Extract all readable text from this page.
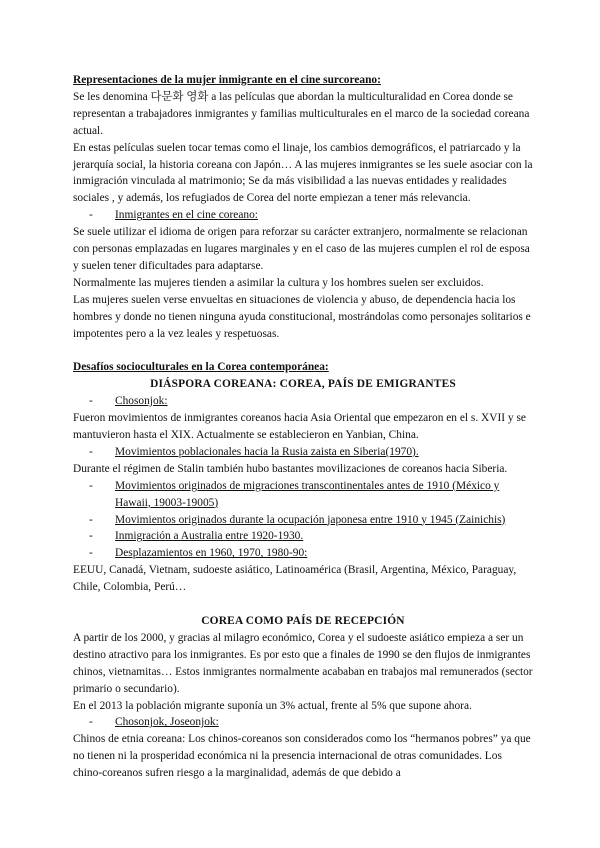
Representaciones de la mujer inmigrante en el cine surcoreano:

Se les denomina 다문화 영화 a las películas que abordan la multiculturalidad en Corea donde se representan a trabajadores inmigrantes y familias multiculturales en el marco de la sociedad coreana actual.

En estas películas suelen tocar temas como el linaje, los cambios demográficos, el patriarcado y la jerarquía social, la historia coreana con Japón… A las mujeres inmigrantes se les suele asociar con la inmigración vinculada al matrimonio; Se da más visibilidad a las nuevas entidades y realidades sociales , y además, los refugiados de Corea del norte empiezan a tener más relevancia.

-	Inmigrantes en el cine coreano:

Se suele utilizar el idioma de origen para reforzar su carácter extranjero, normalmente se relacionan con personas emplazadas en lugares marginales y en el caso de las mujeres cumplen el rol de esposa y suelen tener dificultades para adaptarse.

Normalmente las mujeres tienden a asimilar la cultura y los hombres suelen ser excluidos.

Las mujeres suelen verse envueltas en situaciones de violencia y abuso, de dependencia hacia los hombres y donde no tienen ninguna ayuda constitucional, mostrándolas como personajes solitarios e impotentes pero a la vez leales y respetuosas.

Desafíos socioculturales en la Corea contemporánea:

DIÁSPORA COREANA: COREA, PAÍS DE EMIGRANTES

-	Chosonjok:

Fueron movimientos de inmigrantes coreanos hacia Asia Oriental que empezaron en el s. XVII y se mantuvieron hasta el XIX. Actualmente se establecieron en Yanbian, China.

-	Movimientos poblacionales hacia la Rusia zaista en Siberia(1970).

Durante el régimen de Stalin también hubo bastantes movilizaciones de coreanos hacia Siberia.

-	Movimientos originados de migraciones transcontinentales antes de 1910 (México y Hawaii, 19003-19005)
-	Movimientos originados durante la ocupación japonesa entre 1910 y 1945 (Zainichis)
-	Inmigración a Australia entre 1920-1930.
-	Desplazamientos en 1960, 1970, 1980-90:

EEUU, Canadá, Vietnam, sudoeste asiático, Latinoamérica (Brasil, Argentina, México, Paraguay, Chile, Colombia, Perú…

COREA COMO PAÍS DE RECEPCIÓN

A partir de los 2000, y gracias al milagro económico, Corea y el sudoeste asiático empieza a ser un destino atractivo para los inmigrantes. Es por esto que a finales de 1990 se den flujos de inmigrantes chinos, vietnamitas… Estos inmigrantes normalmente acababan en trabajos mal remunerados (sector primario o secundario).

En el 2013 la población migrante suponía un 3% actual, frente al 5% que supone ahora.

-	Chosonjok, Joseonjok:

Chinos de etnia coreana: Los chinos-coreanos son considerados como los “hermanos pobres” ya que no tienen ni la prosperidad económica ni la presencia internacional de otras comunidades. Los chino-coreanos sufren riesgo a la marginalidad, además de que debido a
